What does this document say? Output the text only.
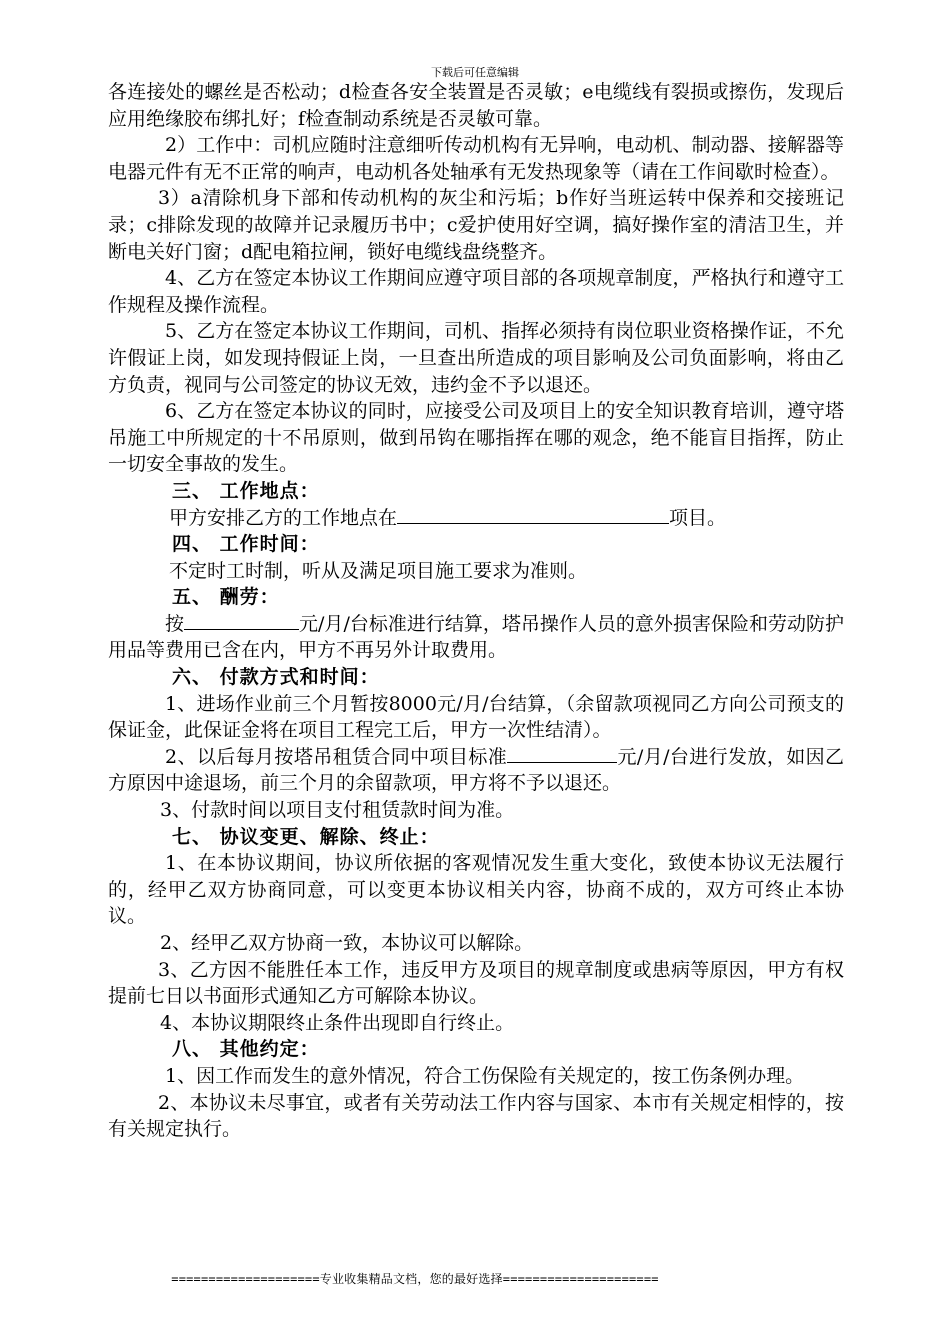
下载后可任意编辑

各连接处的螺丝是否松动；d检查各安全装置是否灵敏；e电缆线有裂损或擦伤，发现后应用绝缘胶布绑扎好；f检查制动系统是否灵敏可靠。

2）工作中：司机应随时注意细听传动机构有无异响，电动机、制动器、接解器等电器元件有无不正常的响声，电动机各处轴承有无发热现象等（请在工作间歇时检查）。

3）a清除机身下部和传动机构的灰尘和污垢；b作好当班运转中保养和交接班记录；c排除发现的故障并记录履历书中；c爱护使用好空调，搞好操作室的清洁卫生，并断电关好门窗；d配电箱拉闸，锁好电缆线盘绕整齐。

4、乙方在签定本协议工作期间应遵守项目部的各项规章制度，严格执行和遵守工作规程及操作流程。

5、乙方在签定本协议工作期间，司机、指挥必须持有岗位职业资格操作证，不允许假证上岗，如发现持假证上岗，一旦查出所造成的项目影响及公司负面影响，将由乙方负责，视同与公司签定的协议无效，违约金不予以退还。

6、乙方在签定本协议的同时，应接受公司及项目上的安全知识教育培训，遵守塔吊施工中所规定的十不吊原则，做到吊钩在哪指挥在哪的观念，绝不能盲目指挥，防止一切安全事故的发生。

三、 工作地点：

甲方安排乙方的工作地点在	项目。

四、 工作时间：

不定时工时制，听从及满足项目施工要求为准则。

五、 酬劳：

按	元/月/台标准进行结算，塔吊操作人员的意外损害保险和劳动防护用品等费用已含在内，甲方不再另外计取费用。

六、 付款方式和时间：

1、进场作业前三个月暂按8000元/月/台结算，（余留款项视同乙方向公司预支的保证金，此保证金将在项目工程完工后，甲方一次性结清）。

2、以后每月按塔吊租赁合同中项目标准	元/月/台进行发放，如因乙方原因中途退场，前三个月的余留款项，甲方将不予以退还。

3、付款时间以项目支付租赁款时间为准。

七、 协议变更、解除、终止：

1、在本协议期间，协议所依据的客观情况发生重大变化，致使本协议无法履行的，经甲乙双方协商同意，可以变更本协议相关内容，协商不成的，双方可终止本协议。

2、经甲乙双方协商一致，本协议可以解除。

3、乙方因不能胜任本工作，违反甲方及项目的规章制度或患病等原因，甲方有权提前七日以书面形式通知乙方可解除本协议。

4、本协议期限终止条件出现即自行终止。

八、 其他约定：

1、因工作而发生的意外情况，符合工伤保险有关规定的，按工伤条例办理。

2、本协议未尽事宜，或者有关劳动法工作内容与国家、本市有关规定相悖的，按有关规定执行。

====================专业收集精品文档，您的最好选择=====================
